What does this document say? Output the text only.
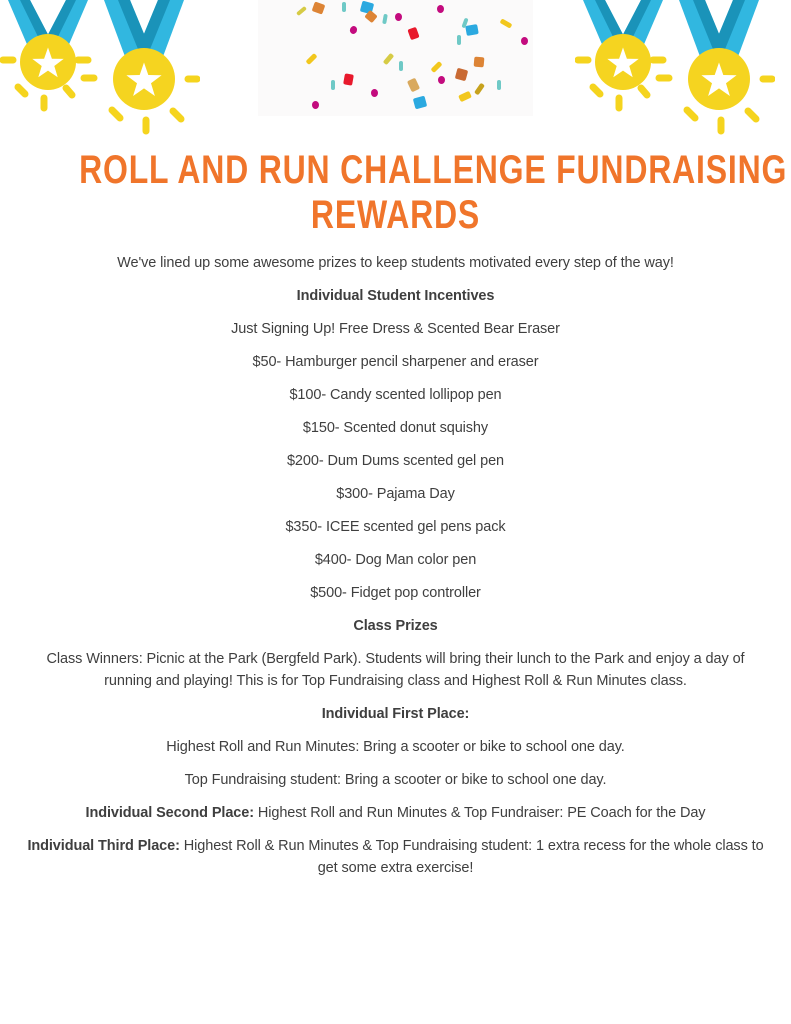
ROLL AND RUN CHALLENGE FUNDRAISING
REWARDS

We've lined up some awesome prizes to keep students motivated every step of the way!

Individual Student Incentives

Just Signing Up! Free Dress & Scented Bear Eraser

$50- Hamburger pencil sharpener and eraser

$100- Candy scented lollipop pen

$150- Scented donut squishy

$200- Dum Dums scented gel pen

$300- Pajama Day

$350- ICEE scented gel pens pack

$400- Dog Man color pen

$500- Fidget pop controller

Class Prizes

Class Winners: Picnic at the Park (Bergfeld Park). Students will bring their lunch to the Park and enjoy a day of running and playing! This is for Top Fundraising class and Highest Roll & Run Minutes class.

Individual First Place:

Highest Roll and Run Minutes: Bring a scooter or bike to school one day.

Top Fundraising student: Bring a scooter or bike to school one day.

Individual Second Place: Highest Roll and Run Minutes & Top Fundraiser: PE Coach for the Day

Individual Third Place: Highest Roll & Run Minutes & Top Fundraising student: 1 extra recess for the whole class to get some extra exercise!
